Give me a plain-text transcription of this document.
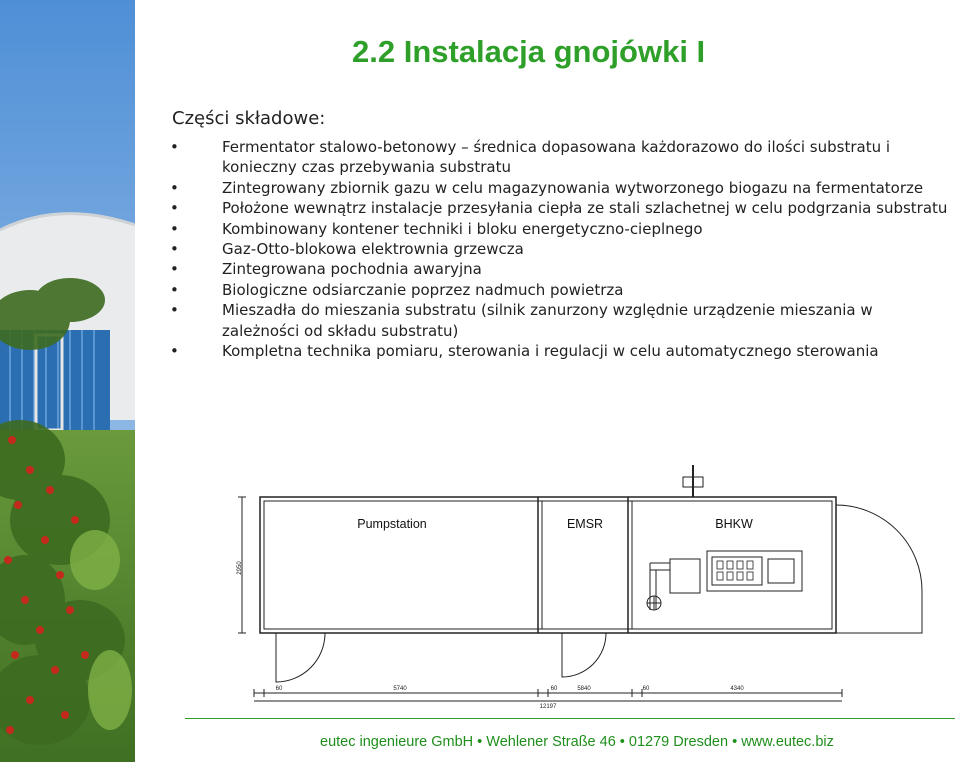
2.2 Instalacja gnojówki I
Części składowe:
•	Fermentator stalowo-betonowy – średnica dopasowana każdorazowo do ilości substratu i konieczny czas przebywania substratu
•	Zintegrowany zbiornik gazu w celu magazynowania wytworzonego biogazu na fermentatorze
•	Położone wewnątrz instalacje przesyłania ciepła ze stali szlachetnej w celu podgrzania substratu
•	Kombinowany kontener techniki i bloku energetyczno-cieplnego
•	Gaz-Otto-blokowa elektrownia grzewcza
•	Zintegrowana pochodnia awaryjna
•	Biologiczne odsiarczanie poprzez nadmuch powietrza
•	Mieszadła do mieszania substratu (silnik zanurzony względnie urządzenie mieszania w zależności od składu substratu)
•	Kompletna technika pomiaru, sterowania i regulacji w celu automatycznego sterowania
Pumpstation	EMSR	BHKW
2950
60	5740	60	5840	60	4340
12197
eutec ingenieure GmbH • Wehlener Straße 46 • 01279 Dresden • www.eutec.biz
